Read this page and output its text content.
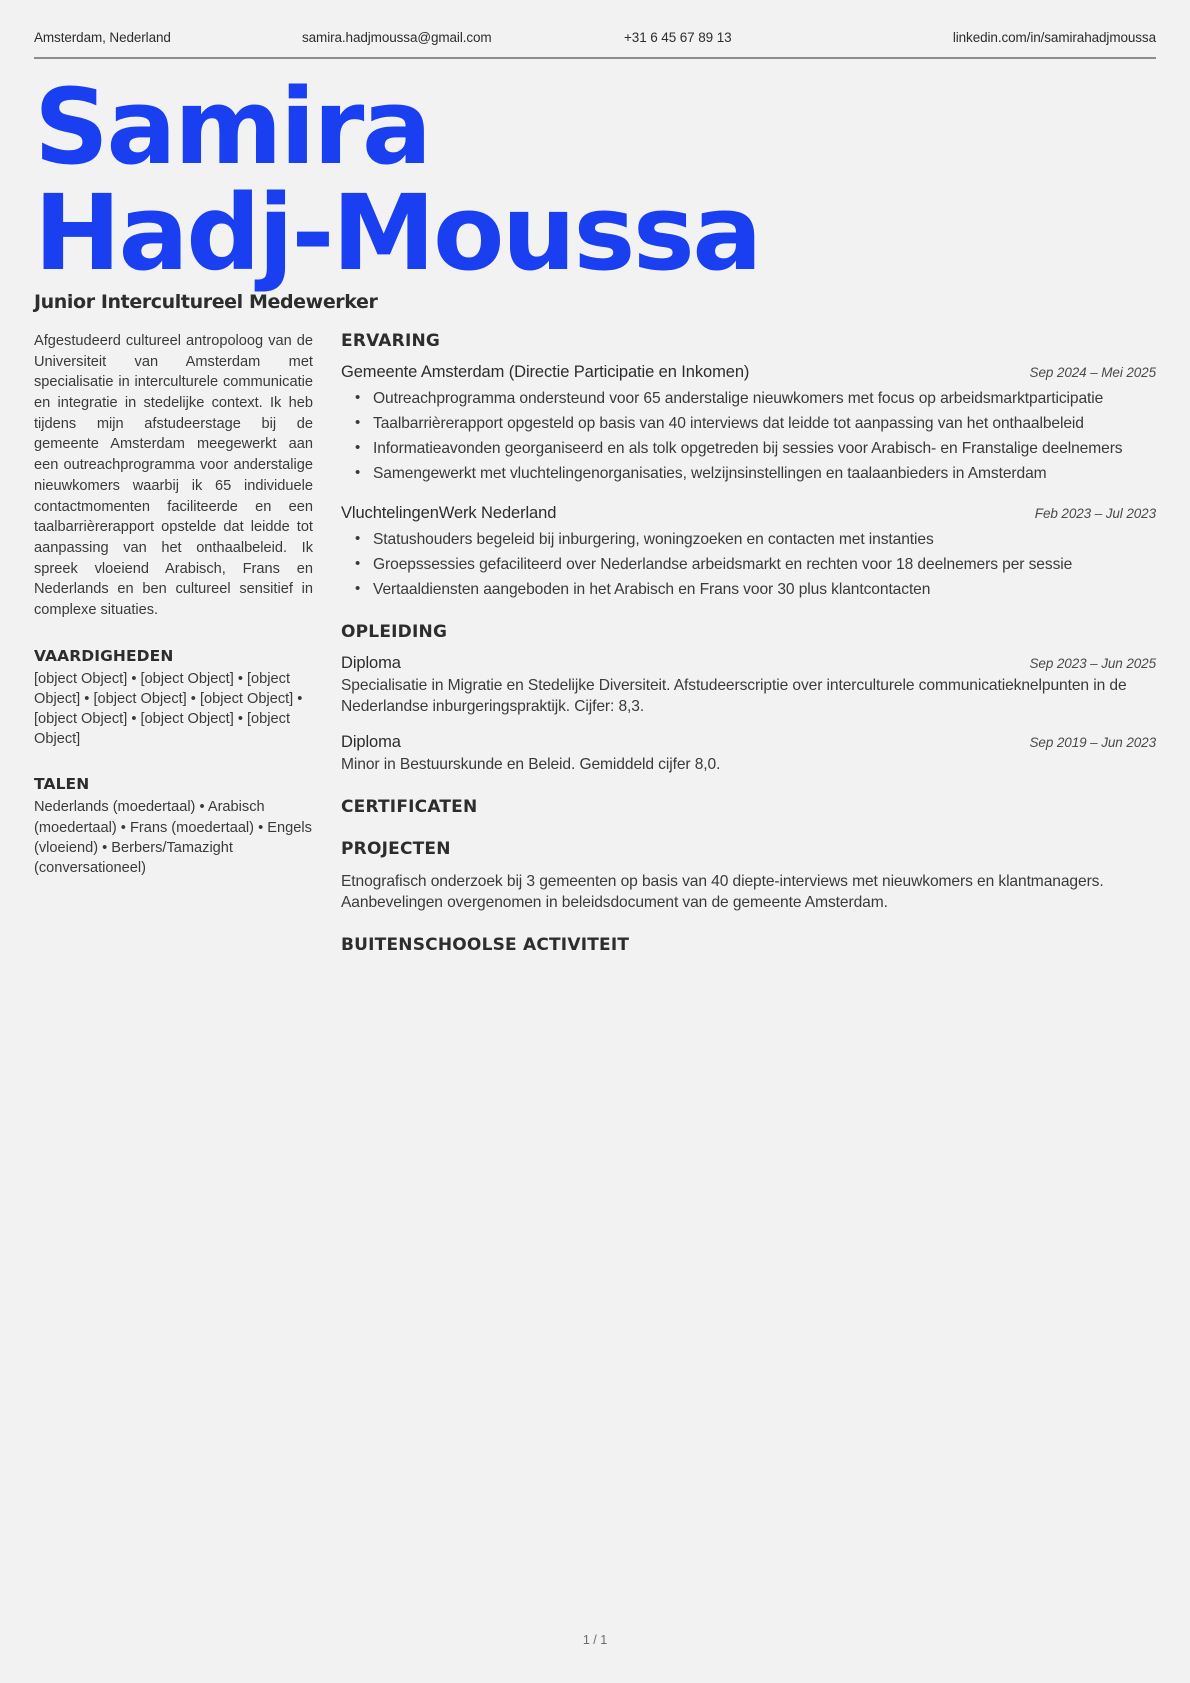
Amsterdam, Nederland	samira.hadjmoussa@gmail.com	+31 6 45 67 89 13	linkedin.com/in/samirahadjmoussa
Samira
Hadj-Moussa
Junior Intercultureel Medewerker

Afgestudeerd cultureel antropoloog van de Universiteit van Amsterdam met specialisatie in interculturele communicatie en integratie in stedelijke context. Ik heb tijdens mijn afstudeerstage bij de gemeente Amsterdam meegewerkt aan een outreachprogramma voor anderstalige nieuwkomers waarbij ik 65 individuele contactmomenten faciliteerde en een taalbarrièrerapport opstelde dat leidde tot aanpassing van het onthaalbeleid. Ik spreek vloeiend Arabisch, Frans en Nederlands en ben cultureel sensitief in complexe situaties.

VAARDIGHEDEN

[object Object] • [object Object] • [object Object] • [object Object] • [object Object] • [object Object] • [object Object] • [object Object]

TALEN

Nederlands (moedertaal) • Arabisch (moedertaal) • Frans (moedertaal) • Engels (vloeiend) • Berbers/Tamazight (conversationeel)

ERVARING
Gemeente Amsterdam (Directie Participatie en Inkomen)	Sep 2024 – Mei 2025
• Outreachprogramma ondersteund voor 65 anderstalige nieuwkomers met focus op arbeidsmarktparticipatie
• Taalbarrièrerapport opgesteld op basis van 40 interviews dat leidde tot aanpassing van het onthaalbeleid
• Informatieavonden georganiseerd en als tolk opgetreden bij sessies voor Arabisch- en Franstalige deelnemers
• Samengewerkt met vluchtelingenorganisaties, welzijnsinstellingen en taalaanbieders in Amsterdam
VluchtelingenWerk Nederland	Feb 2023 – Jul 2023
• Statushouders begeleid bij inburgering, woningzoeken en contacten met instanties
• Groepssessies gefaciliteerd over Nederlandse arbeidsmarkt en rechten voor 18 deelnemers per sessie
• Vertaaldiensten aangeboden in het Arabisch en Frans voor 30 plus klantcontacten
OPLEIDING
Diploma	Sep 2023 – Jun 2025

Specialisatie in Migratie en Stedelijke Diversiteit. Afstudeerscriptie over interculturele communicatieknelpunten in de Nederlandse inburgeringspraktijk. Cijfer: 8,3.

Diploma	Sep 2019 – Jun 2023

Minor in Bestuurskunde en Beleid. Gemiddeld cijfer 8,0.

CERTIFICATEN
PROJECTEN

Etnografisch onderzoek bij 3 gemeenten op basis van 40 diepte-interviews met nieuwkomers en klantmanagers. Aanbevelingen overgenomen in beleidsdocument van de gemeente Amsterdam.

BUITENSCHOOLSE ACTIVITEIT
1 / 1
